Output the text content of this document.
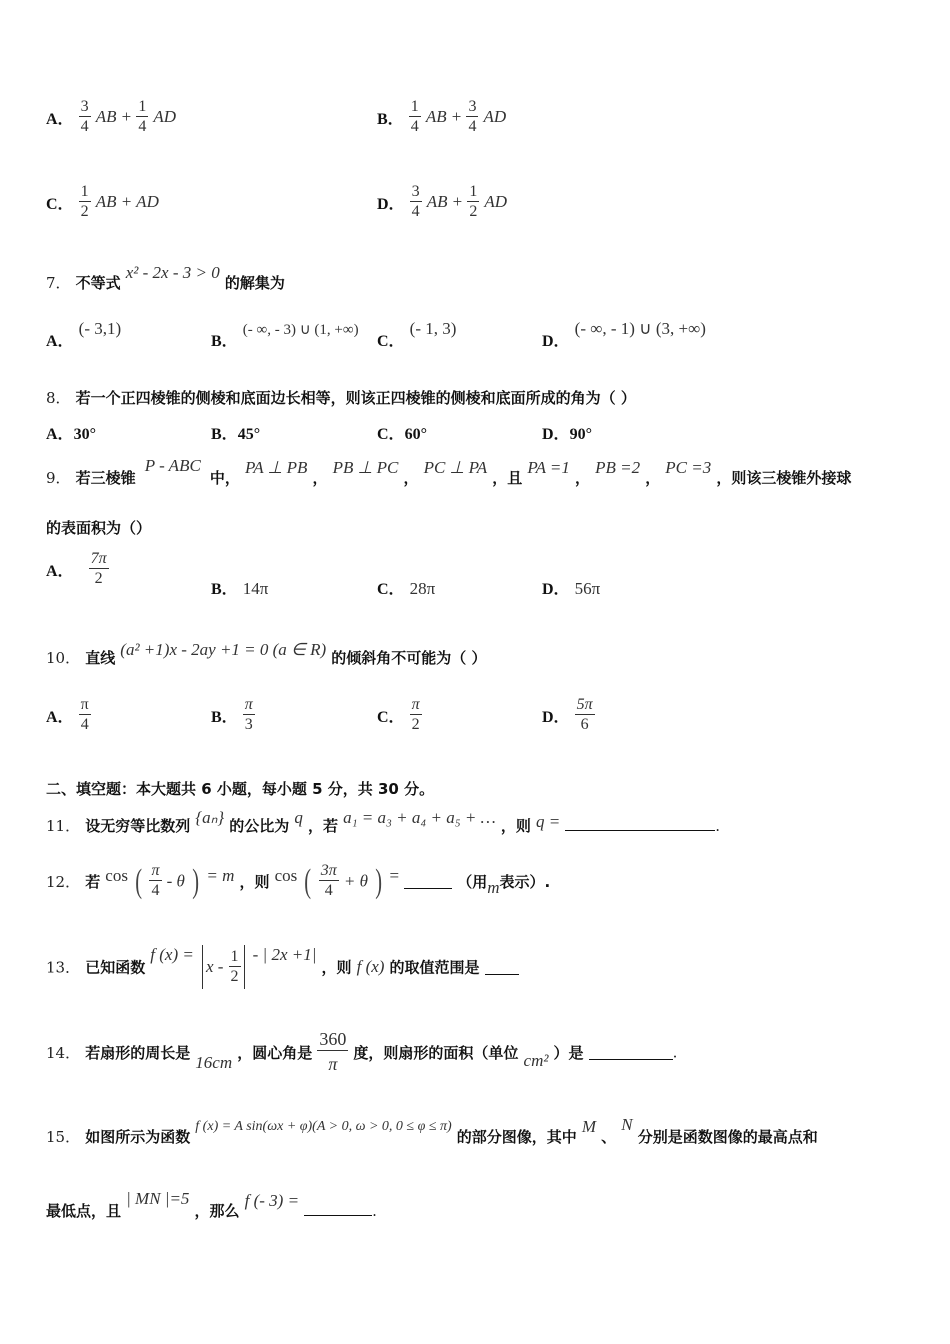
A． $\frac{3}{4}$ AB + $\frac{1}{4}$ AD	B． $\frac{1}{4}$ AB + $\frac{3}{4}$ AD
C． $\frac{1}{2}$ AB + AD	D． $\frac{3}{4}$ AB + $\frac{1}{2}$ AD
7． 不等式 x² - 2x - 3 > 0 的解集为
A． (- 3,1)
B． (- ∞, - 3) ∪ (1, +∞)
C． (- 1, 3)
D． (- ∞, - 1) ∪ (3, +∞)
8． 若一个正四棱锥的侧棱和底面边长相等，则该正四棱锥的侧棱和底面所成的角为（ ）
A．30°	B．45°	C．60°	D．90°
9． 若三棱锥 P - ABC 中， PA ⊥ PB ， PB ⊥ PC ， PC ⊥ PA ，且 PA =1 ， PB =2 ， PC =3 ，则该三棱锥外接球
的表面积为（）
A． $\frac{7\pi}{2}$
B． 14π	C． 28π	D． 56π
10． 直线 (a² +1)x - 2ay +1 = 0 (a ∈ R) 的倾斜角不可能为（ ）
A． $\frac{\pi}{4}$	B． $\frac{\pi}{3}$	C． $\frac{\pi}{2}$	D． $\frac{5\pi}{6}$
二、填空题：本大题共 6 小题，每小题 5 分，共 30 分。
11． 设无穷等比数列 {aₙ} 的公比为 q ，若 a₁ = a₃ + a₄ + a₅ + … ，则 q =	.
12． 若 cos ( $\frac{\pi}{4}$ - θ ) = m ，则 cos ( $\frac{3\pi}{4} + \theta$ ) =	（用m表示）.
13． 已知函数 f $(x) = x - \frac{1}{2}$ - | 2x +1| ，则 f (x) 的取值范围是
14． 若扇形的周长是 16cm ，圆心角是 $\frac{360}{\pi}$ 度，则扇形的面积（单位 cm² ）是	.
15． 如图所示为函数 f (x) = A sin(ωx + φ)(A > 0, ω > 0, 0 ≤ φ ≤ π) 的部分图像，其中 M 、 N 分别是函数图像的最高点和
最低点，且 | MN |=5 ，那么 f (- 3) = .
